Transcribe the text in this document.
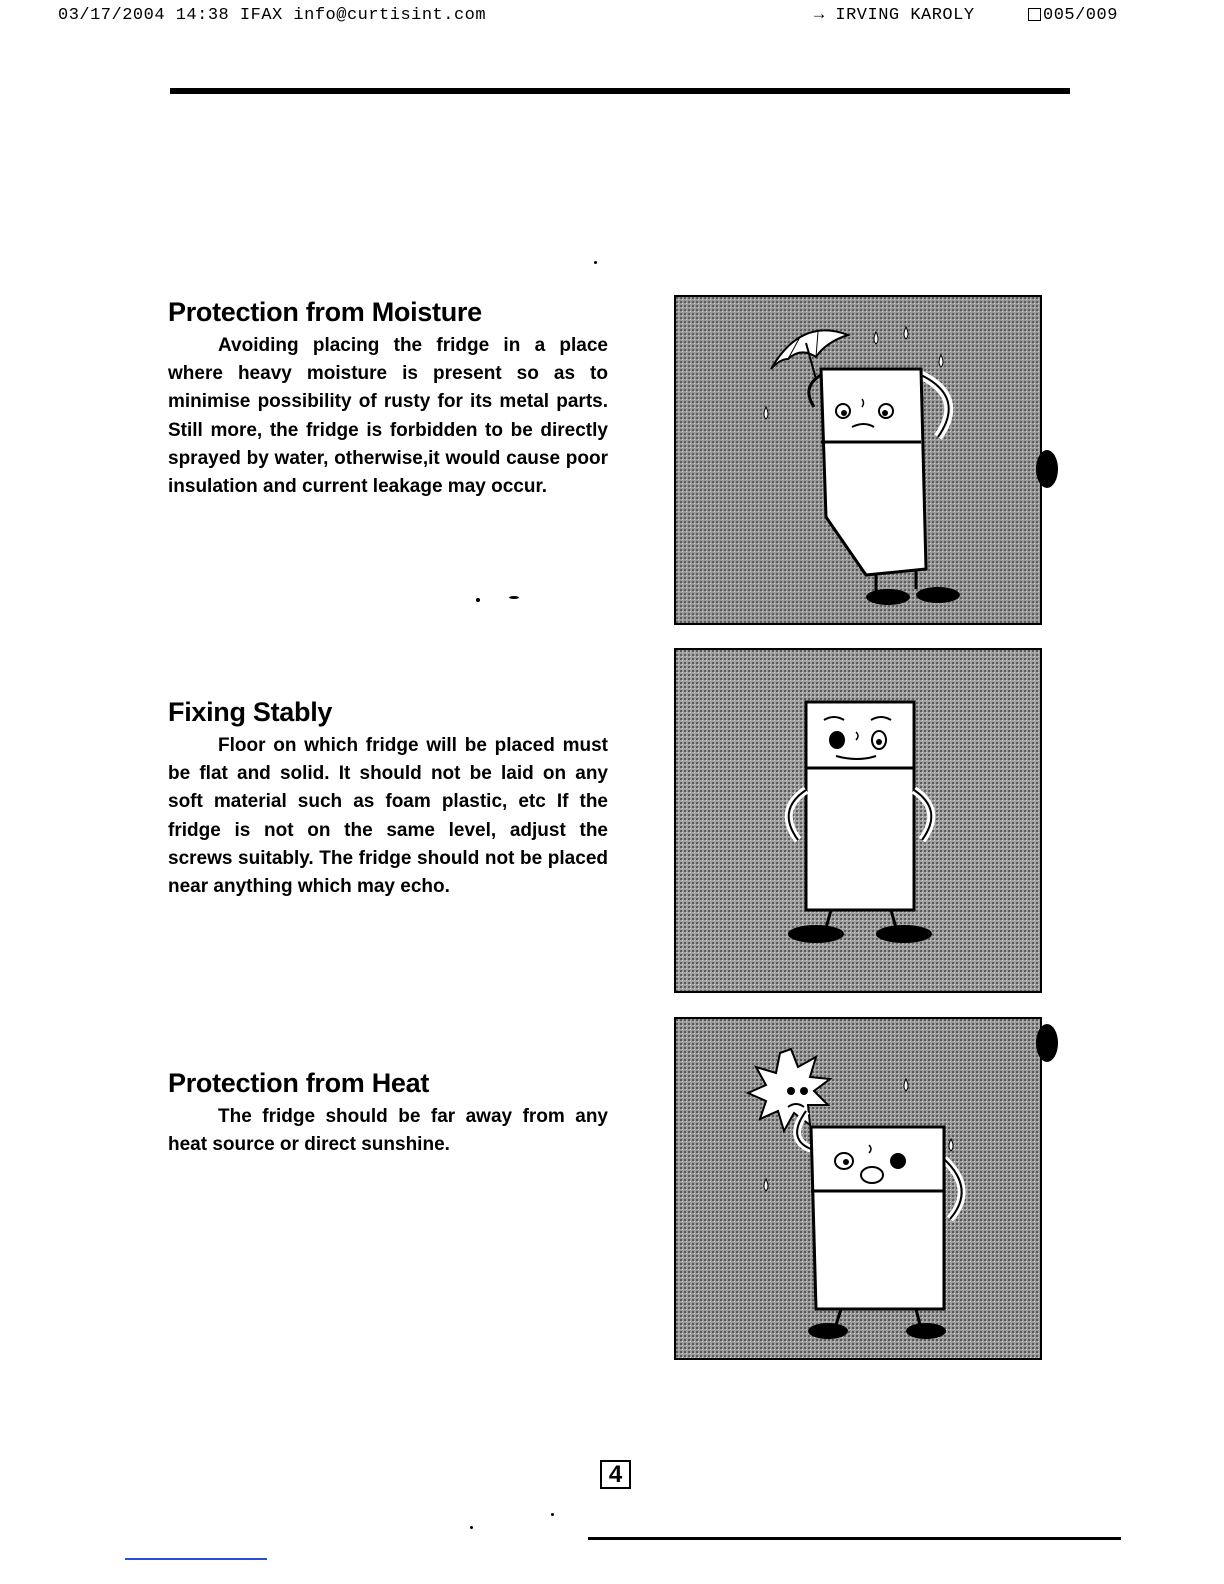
03/17/2004 14:38 IFAX info@curtisint.com	→ IRVING KAROLY	005/009
Protection from Moisture

Avoiding placing the fridge in a place where heavy moisture is present so as to minimise possibility of rusty for its metal parts. Still more, the fridge is forbidden to be directly sprayed by water, otherwise,it would cause poor insulation and current leakage may occur.

Fixing Stably

Floor on which fridge will be placed must be flat and solid. It should not be laid on any soft material such as foam plastic, etc If the fridge is not on the same level, adjust the screws suitably. The fridge should not be placed near anything which may echo.

Protection from Heat

The fridge should be far away from any heat source or direct sunshine.

4
